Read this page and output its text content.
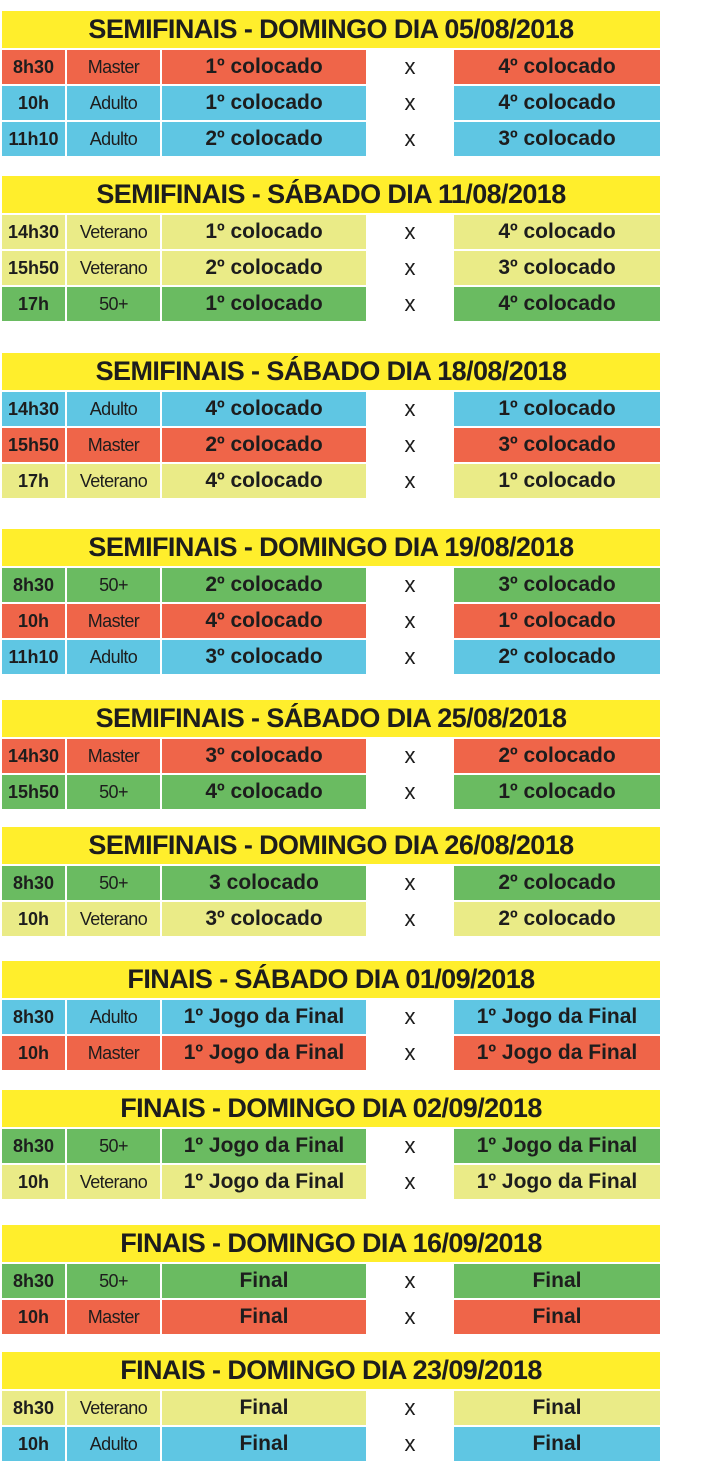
SEMIFINAIS - DOMINGO DIA 05/08/2018
8h30	Master	1º colocado	x	4º colocado
10h	Adulto	1º colocado	x	4º colocado
11h10	Adulto	2º colocado	x	3º colocado
SEMIFINAIS - SÁBADO DIA 11/08/2018
14h30	Veterano	1º colocado	x	4º colocado
15h50	Veterano	2º colocado	x	3º colocado
17h	50+	1º colocado	x	4º colocado
SEMIFINAIS - SÁBADO DIA 18/08/2018
14h30	Adulto	4º colocado	x	1º colocado
15h50	Master	2º colocado	x	3º colocado
17h	Veterano	4º colocado	x	1º colocado
SEMIFINAIS - DOMINGO DIA 19/08/2018
8h30	50+	2º colocado	x	3º colocado
10h	Master	4º colocado	x	1º colocado
11h10	Adulto	3º colocado	x	2º colocado
SEMIFINAIS - SÁBADO DIA 25/08/2018
14h30	Master	3º colocado	x	2º colocado
15h50	50+	4º colocado	x	1º colocado
SEMIFINAIS - DOMINGO DIA 26/08/2018
8h30	50+	3 colocado	x	2º colocado
10h	Veterano	3º colocado	x	2º colocado
FINAIS - SÁBADO DIA 01/09/2018
8h30	Adulto	1º Jogo da Final	x	1º Jogo da Final
10h	Master	1º Jogo da Final	x	1º Jogo da Final
FINAIS - DOMINGO DIA 02/09/2018
8h30	50+	1º Jogo da Final	x	1º Jogo da Final
10h	Veterano	1º Jogo da Final	x	1º Jogo da Final
FINAIS - DOMINGO DIA 16/09/2018
8h30	50+	Final	x	Final
10h	Master	Final	x	Final
FINAIS - DOMINGO DIA 23/09/2018
8h30	Veterano	Final	x	Final
10h	Adulto	Final	x	Final
